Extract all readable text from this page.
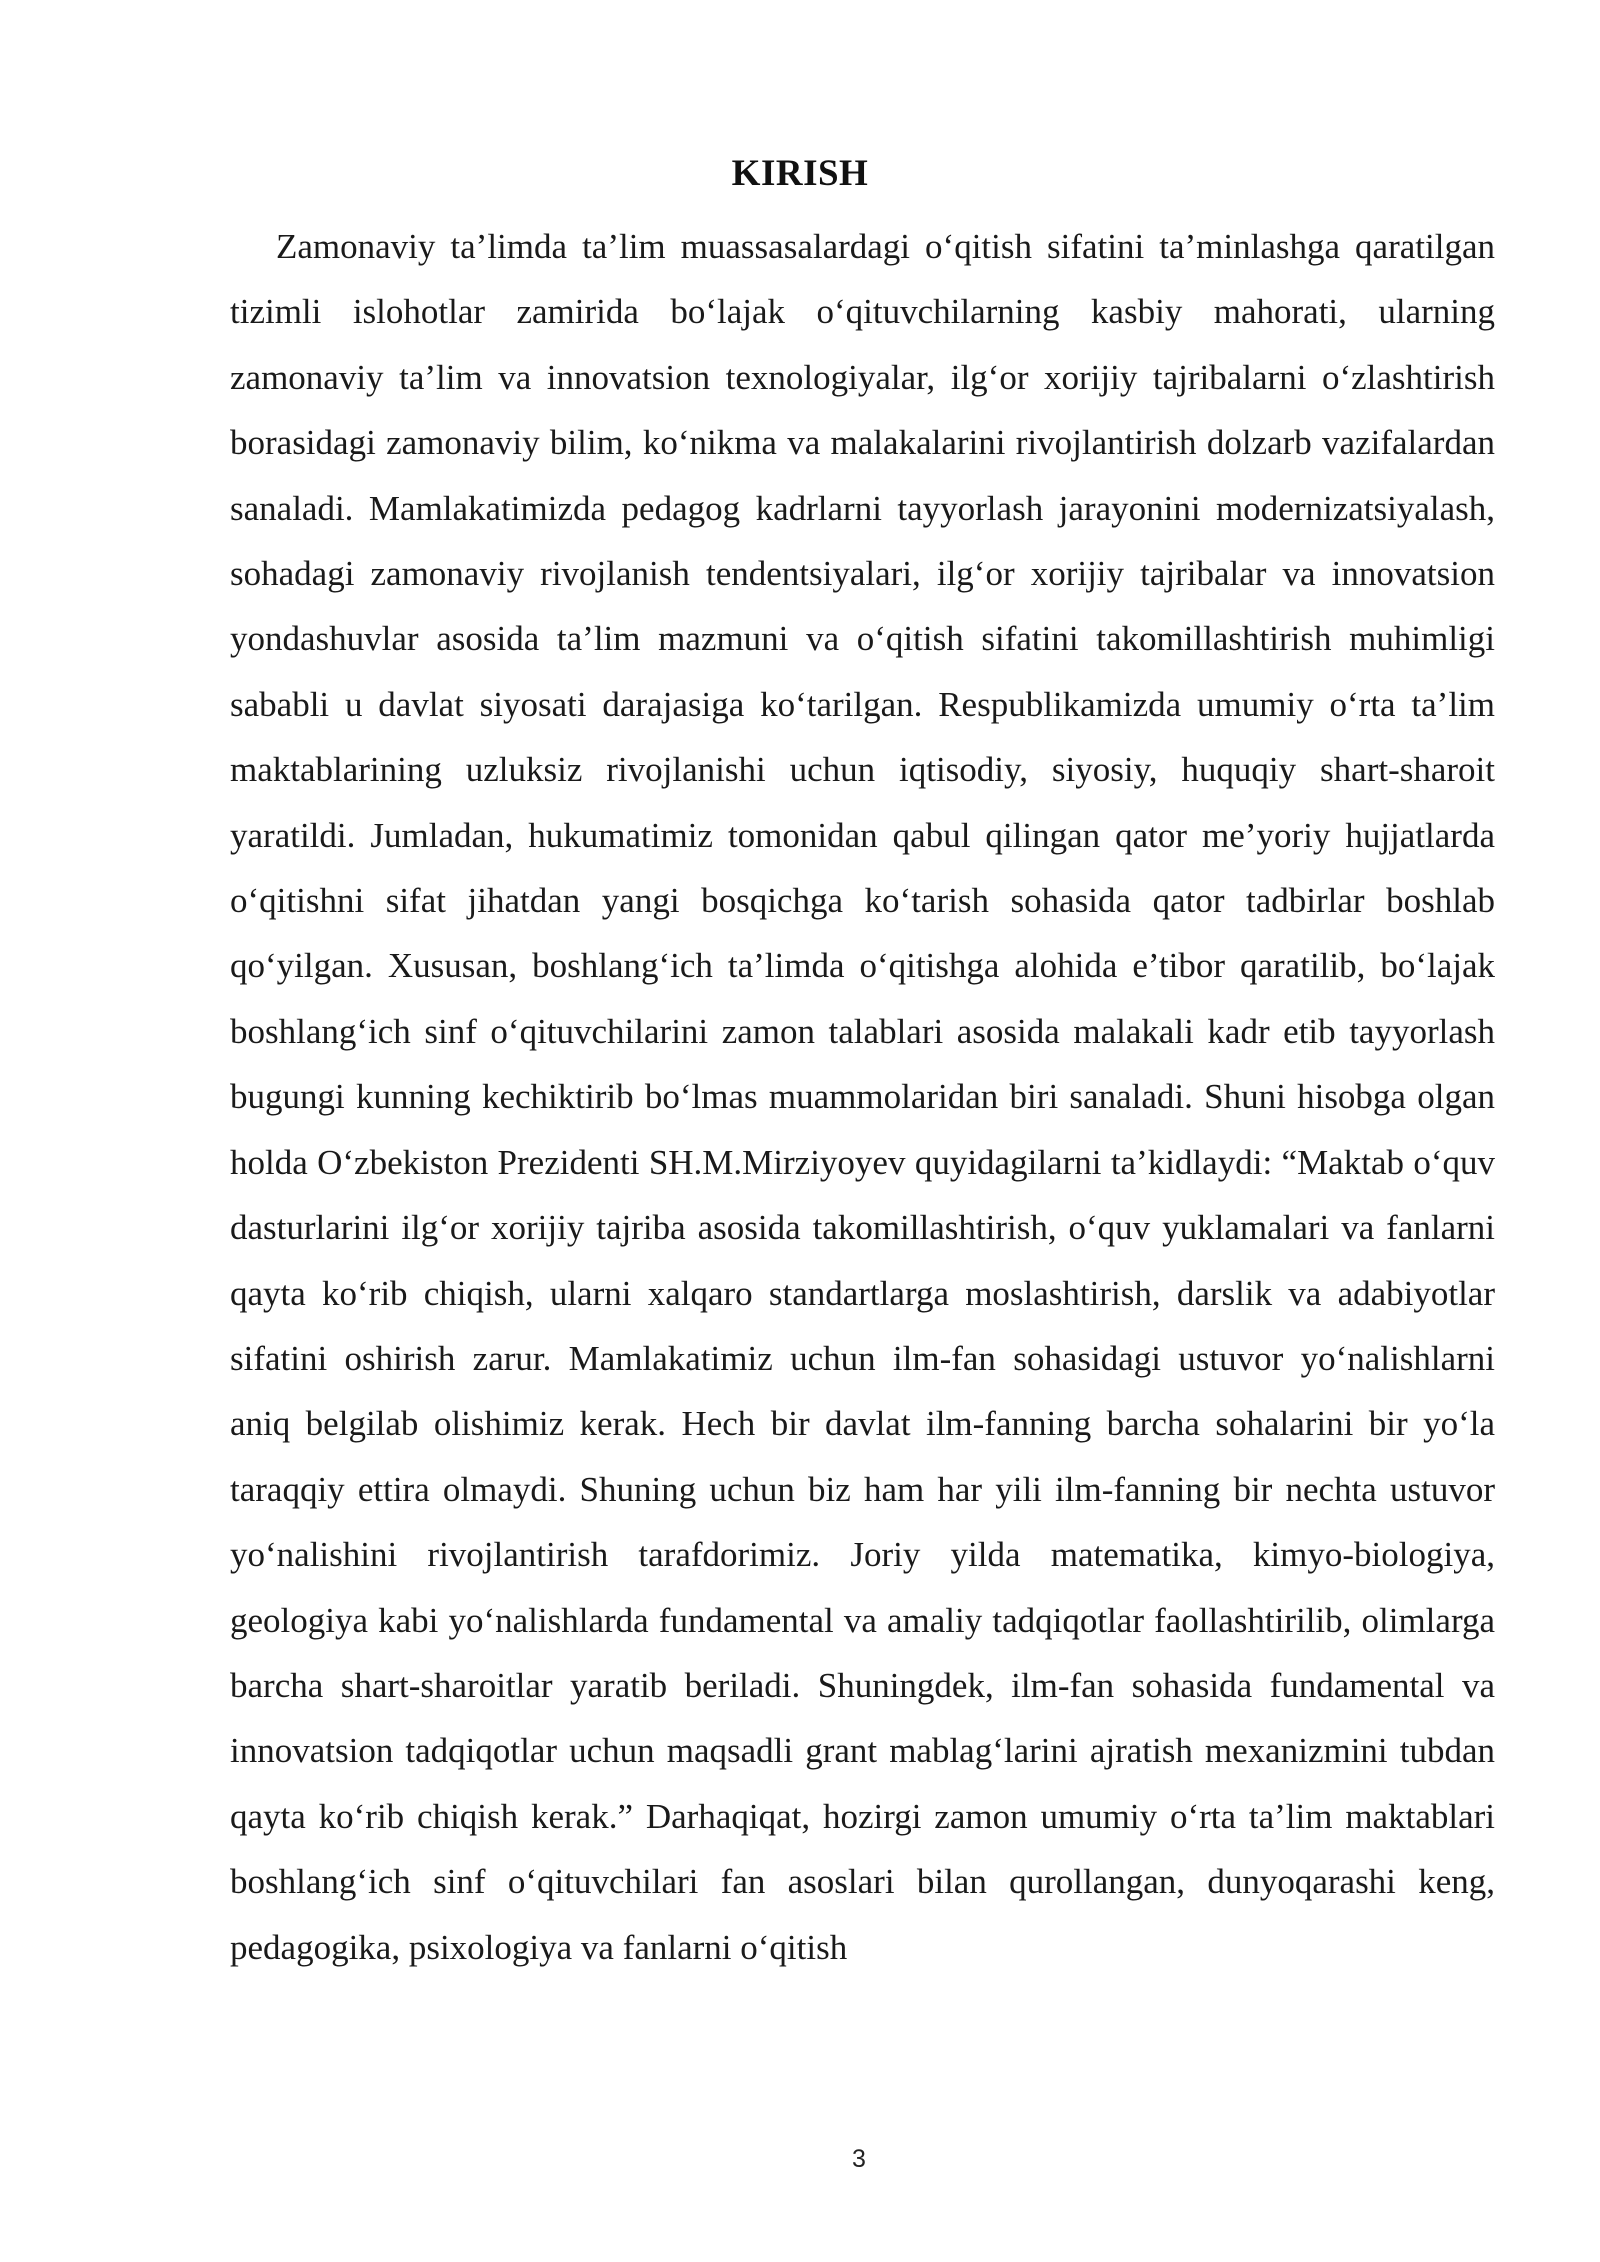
KIRISH

Zamonaviy ta’limda ta’lim muassasalardagi o‘qitish sifatini ta’minlashga qaratilgan tizimli islohotlar zamirida bo‘lajak o‘qituvchilarning kasbiy mahorati, ularning zamonaviy ta’lim va innovatsion texnologiyalar, ilg‘or xorijiy tajribalarni o‘zlashtirish borasidagi zamonaviy bilim, ko‘nikma va malakalarini rivojlantirish dolzarb vazifalardan sanaladi. Mamlakatimizda pedagog kadrlarni tayyorlash jarayonini modernizatsiyalash, sohadagi zamonaviy rivojlanish tendentsiyalari, ilg‘or xorijiy tajribalar va innovatsion yondashuvlar asosida ta’lim mazmuni va o‘qitish sifatini takomillashtirish muhimligi sababli u davlat siyosati darajasiga ko‘tarilgan. Respublikamizda umumiy o‘rta ta’lim maktablarining uzluksiz rivojlanishi uchun iqtisodiy, siyosiy, huquqiy shart-sharoit yaratildi. Jumladan, hukumatimiz tomonidan qabul qilingan qator me’yoriy hujjatlarda o‘qitishni sifat jihatdan yangi bosqichga ko‘tarish sohasida qator tadbirlar boshlab qo‘yilgan. Xususan, boshlang‘ich ta’limda o‘qitishga alohida e’tibor qaratilib, bo‘lajak boshlang‘ich sinf o‘qituvchilarini zamon talablari asosida malakali kadr etib tayyorlash bugungi kunning kechiktirib bo‘lmas muammolaridan biri sanaladi. Shuni hisobga olgan holda O‘zbekiston Prezidenti SH.M.Mirziyoyev quyidagilarni ta’kidlaydi: “Maktab o‘quv dasturlarini ilg‘or xorijiy tajriba asosida takomillashtirish, o‘quv yuklamalari va fanlarni qayta ko‘rib chiqish, ularni xalqaro standartlarga moslashtirish, darslik va adabiyotlar sifatini oshirish zarur. Mamlakatimiz uchun ilm-fan sohasidagi ustuvor yo‘nalishlarni aniq belgilab olishimiz kerak. Hech bir davlat ilm-fanning barcha sohalarini bir yo‘la taraqqiy ettira olmaydi. Shuning uchun biz ham har yili ilm-fanning bir nechta ustuvor yo‘nalishini rivojlantirish tarafdorimiz. Joriy yilda matematika, kimyo-biologiya, geologiya kabi yo‘nalishlarda fundamental va amaliy tadqiqotlar faollashtirilib, olimlarga barcha shart-sharoitlar yaratib beriladi. Shuningdek, ilm-fan sohasida fundamental va innovatsion tadqiqotlar uchun maqsadli grant mablag‘larini ajratish mexanizmini tubdan qayta ko‘rib chiqish kerak.” Darhaqiqat, hozirgi zamon umumiy o‘rta ta’lim maktablari boshlang‘ich sinf o‘qituvchilari fan asoslari bilan qurollangan, dunyoqarashi keng, pedagogika, psixologiya va fanlarni o‘qitish

3
